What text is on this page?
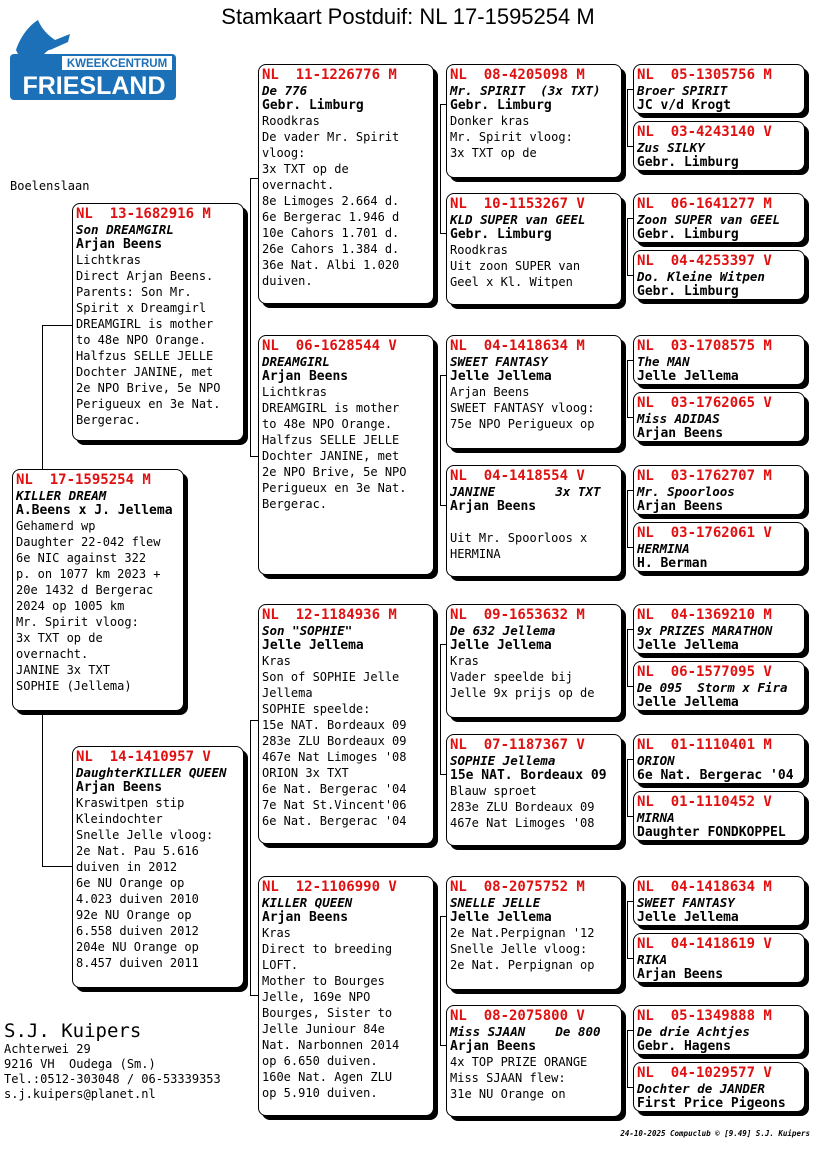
Stamkaart Postduif: NL 17-1595254 M
KWEEKCENTRUM
FRIESLAND
Boelenslaan
NL  17-1595254 M
KILLER DREAM
A.Beens x J. Jellema
Gehamerd wp
Daughter 22-042 flew
6e NIC against 322
p. on 1077 km 2023 +
20e 1432 d Bergerac
2024 op 1005 km
Mr. Spirit vloog:
3x TXT op de
overnacht.
JANINE 3x TXT
SOPHIE (Jellema)
NL  13-1682916 M
Son DREAMGIRL
Arjan Beens
Lichtkras
Direct Arjan Beens.
Parents: Son Mr.
Spirit x Dreamgirl
DREAMGIRL is mother
to 48e NPO Orange.
Halfzus SELLE JELLE
Dochter JANINE, met
2e NPO Brive, 5e NPO
Perigueux en 3e Nat.
Bergerac.
NL  14-1410957 V
DaughterKILLER QUEEN
Arjan Beens
Kraswitpen stip
Kleindochter
Snelle Jelle vloog:
2e Nat. Pau 5.616
duiven in 2012
6e NU Orange op
4.023 duiven 2010
92e NU Orange op
6.558 duiven 2012
204e NU Orange op
8.457 duiven 2011
NL  11-1226776 M
De 776
Gebr. Limburg
Roodkras
De vader Mr. Spirit
vloog:
3x TXT op de
overnacht.
8e Limoges 2.664 d.
6e Bergerac 1.946 d
10e Cahors 1.701 d.
26e Cahors 1.384 d.
36e Nat. Albi 1.020
duiven.
NL  06-1628544 V
DREAMGIRL
Arjan Beens
Lichtkras
DREAMGIRL is mother
to 48e NPO Orange.
Halfzus SELLE JELLE
Dochter JANINE, met
2e NPO Brive, 5e NPO
Perigueux en 3e Nat.
Bergerac.
NL  12-1184936 M
Son "SOPHIE"
Jelle Jellema
Kras
Son of SOPHIE Jelle
Jellema
SOPHIE speelde:
15e NAT. Bordeaux 09
283e ZLU Bordeaux 09
467e Nat Limoges '08
ORION 3x TXT
6e Nat. Bergerac '04
7e Nat St.Vincent'06
6e Nat. Bergerac '04
NL  12-1106990 V
KILLER QUEEN
Arjan Beens
Kras
Direct to breeding
LOFT.
Mother to Bourges
Jelle, 169e NPO
Bourges, Sister to
Jelle Juniour 84e
Nat. Narbonnen 2014
op 6.650 duiven.
160e Nat. Agen ZLU
op 5.910 duiven.
NL  08-4205098 M
Mr. SPIRIT  (3x TXT)
Gebr. Limburg
Donker kras
Mr. Spirit vloog:
3x TXT op de
NL  10-1153267 V
KLD SUPER van GEEL
Gebr. Limburg
Roodkras
Uit zoon SUPER van
Geel x Kl. Witpen
NL  04-1418634 M
SWEET FANTASY
Jelle Jellema
Arjan Beens
SWEET FANTASY vloog:
75e NPO Perigueux op
NL  04-1418554 V
JANINE        3x TXT
Arjan Beens

Uit Mr. Spoorloos x
HERMINA
NL  09-1653632 M
De 632 Jellema
Jelle Jellema
Kras
Vader speelde bij
Jelle 9x prijs op de
NL  07-1187367 V
SOPHIE Jellema
15e NAT. Bordeaux 09
Blauw sproet
283e ZLU Bordeaux 09
467e Nat Limoges '08
NL  08-2075752 M
SNELLE JELLE
Jelle Jellema
2e Nat.Perpignan '12
Snelle Jelle vloog:
2e Nat. Perpignan op
NL  08-2075800 V
Miss SJAAN    De 800
Arjan Beens
4x TOP PRIZE ORANGE
Miss SJAAN flew:
31e NU Orange on
NL  05-1305756 M
Broer SPIRIT
JC v/d Krogt
NL  03-4243140 V
Zus SILKY
Gebr. Limburg
NL  06-1641277 M
Zoon SUPER van GEEL
Gebr. Limburg
NL  04-4253397 V
Do. Kleine Witpen
Gebr. Limburg
NL  03-1708575 M
The MAN
Jelle Jellema
NL  03-1762065 V
Miss ADIDAS
Arjan Beens
NL  03-1762707 M
Mr. Spoorloos
Arjan Beens
NL  03-1762061 V
HERMINA
H. Berman
NL  04-1369210 M
9x PRIZES MARATHON
Jelle Jellema
NL  06-1577095 V
De 095  Storm x Fira
Jelle Jellema
NL  01-1110401 M
ORION
6e Nat. Bergerac '04
NL  01-1110452 V
MIRNA
Daughter FONDKOPPEL
NL  04-1418634 M
SWEET FANTASY
Jelle Jellema
NL  04-1418619 V
RIKA
Arjan Beens
NL  05-1349888 M
De drie Achtjes
Gebr. Hagens
NL  04-1029577 V
Dochter de JANDER
First Price Pigeons
S.J. Kuipers
Achterwei 29
9216 VH  Oudega (Sm.)
Tel.:0512-303048 / 06-53339353
s.j.kuipers@planet.nl
24-10-2025 Compuclub © [9.49] S.J. Kuipers
